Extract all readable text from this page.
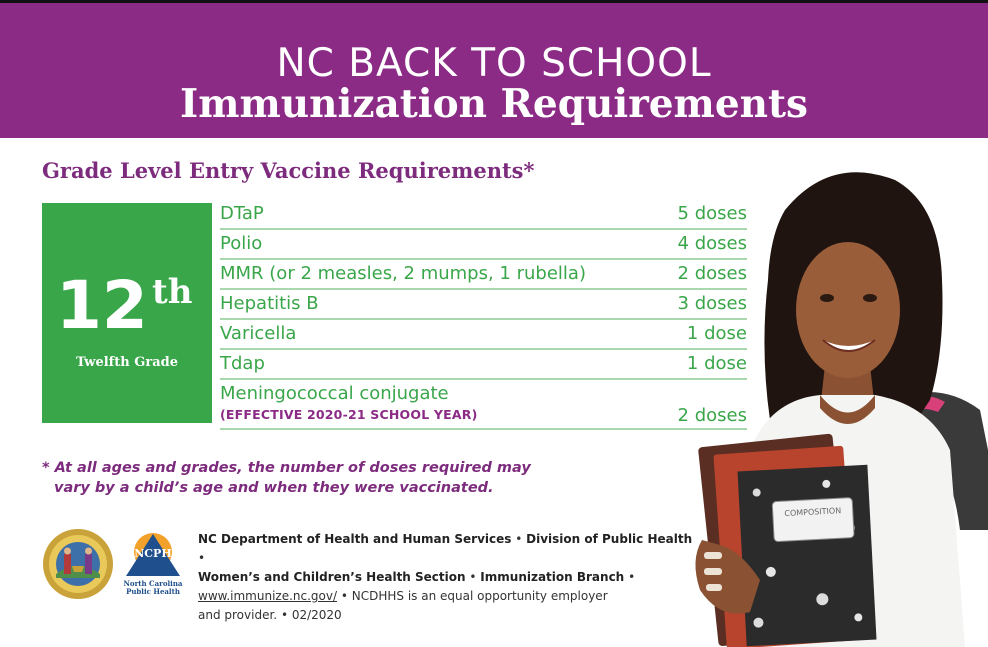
NC BACK TO SCHOOL
Immunization Requirements
Grade Level Entry Vaccine Requirements*
12 th
Twelfth Grade
DTaP	5 doses
Polio	4 doses
MMR (or 2 measles, 2 mumps, 1 rubella)	2 doses
Hepatitis B	3 doses
Varicella	1 dose
Tdap	1 dose
Meningococcal conjugate
(EFFECTIVE 2020-21 SCHOOL YEAR)	2 doses
* At all ages and grades, the number of doses required may
vary by a child’s age and when they were vaccinated.
NCPH
North Carolina
Public Health
NC Department of Health and Human Services • Division of Public Health •
Women’s and Children’s Health Section • Immunization Branch •
www.immunize.nc.gov/ • NCDHHS is an equal opportunity employer
and provider. • 02/2020
COMPOSITION
